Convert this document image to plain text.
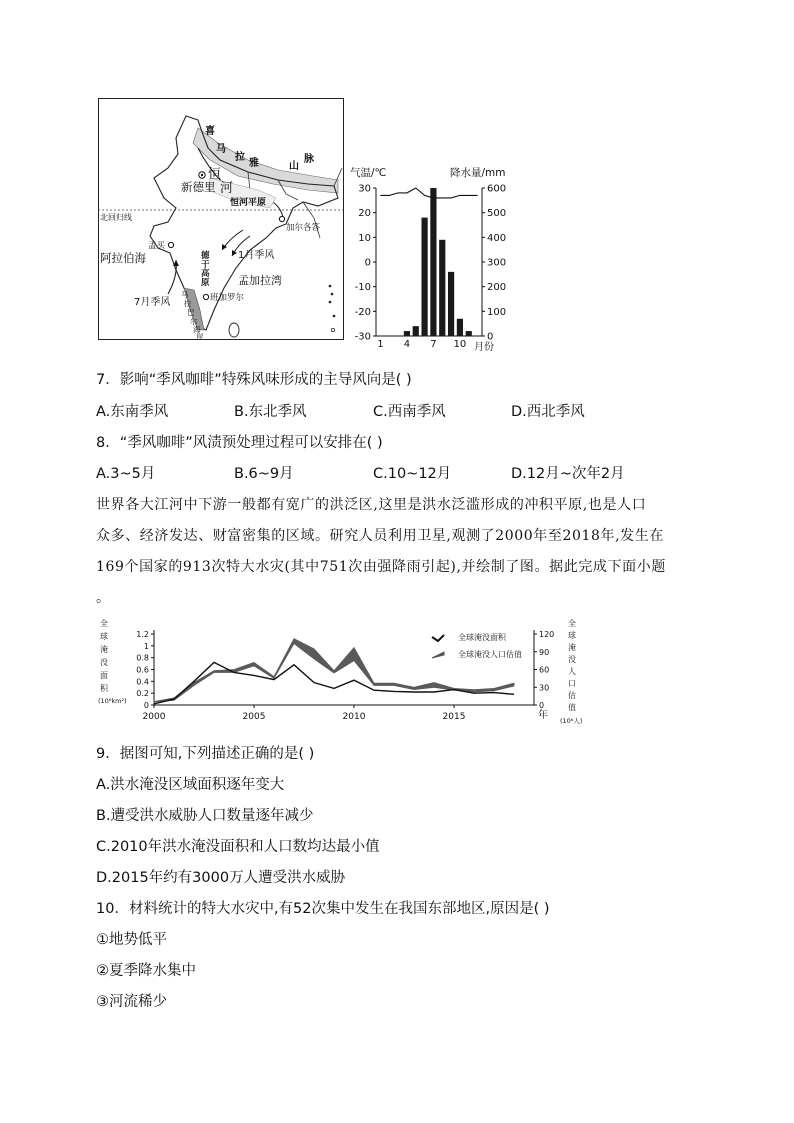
喜
马
拉
雅	山
脉
恒
河
新德里
恒河平原
北回归线
加尔各答
孟买
阿拉伯海	德
干
高
原
1月季风
孟加拉湾
班加罗尔
7月季风
马
拉
巴
尔
海
岸
气温/℃	降水量/mm
30
20
10
0
-10
-20
-30
600
500
400
300
200
100
0
1 4 7 10 月份
7．影响“季风咖啡”特殊风味形成的主导风向是( )
A.东南季风	B.东北季风	C.西南季风	D.西北季风
8．“季风咖啡”风渍预处理过程可以安排在( )
A.3~5月	B.6~9月	C.10~12月	D.12月~次年2月
世界各大江河中下游一般都有宽广的洪泛区,这里是洪水泛滥形成的冲积平原,也是人口
众多、经济发达、财富密集的区域。研究人员利用卫星,观测了2000年至2018年,发生在
169个国家的913次特大水灾(其中751次由强降雨引起),并绘制了图。据此完成下面小题
。
全
球
淹
没
面
积
(10⁶km²)
全
球
淹
没
人
口
估
值
(10⁶人)
1.2
1
0.8
0.6
0.4
0.2
0
120
90
60
30
0
2000	2005	2010	2015	年
全球淹没面积
全球淹没人口估值
9．据图可知,下列描述正确的是( )
A.洪水淹没区域面积逐年变大
B.遭受洪水威胁人口数量逐年减少
C.2010年洪水淹没面积和人口数均达最小值
D.2015年约有3000万人遭受洪水威胁
10．材料统计的特大水灾中,有52次集中发生在我国东部地区,原因是( )
①地势低平
②夏季降水集中
③河流稀少
